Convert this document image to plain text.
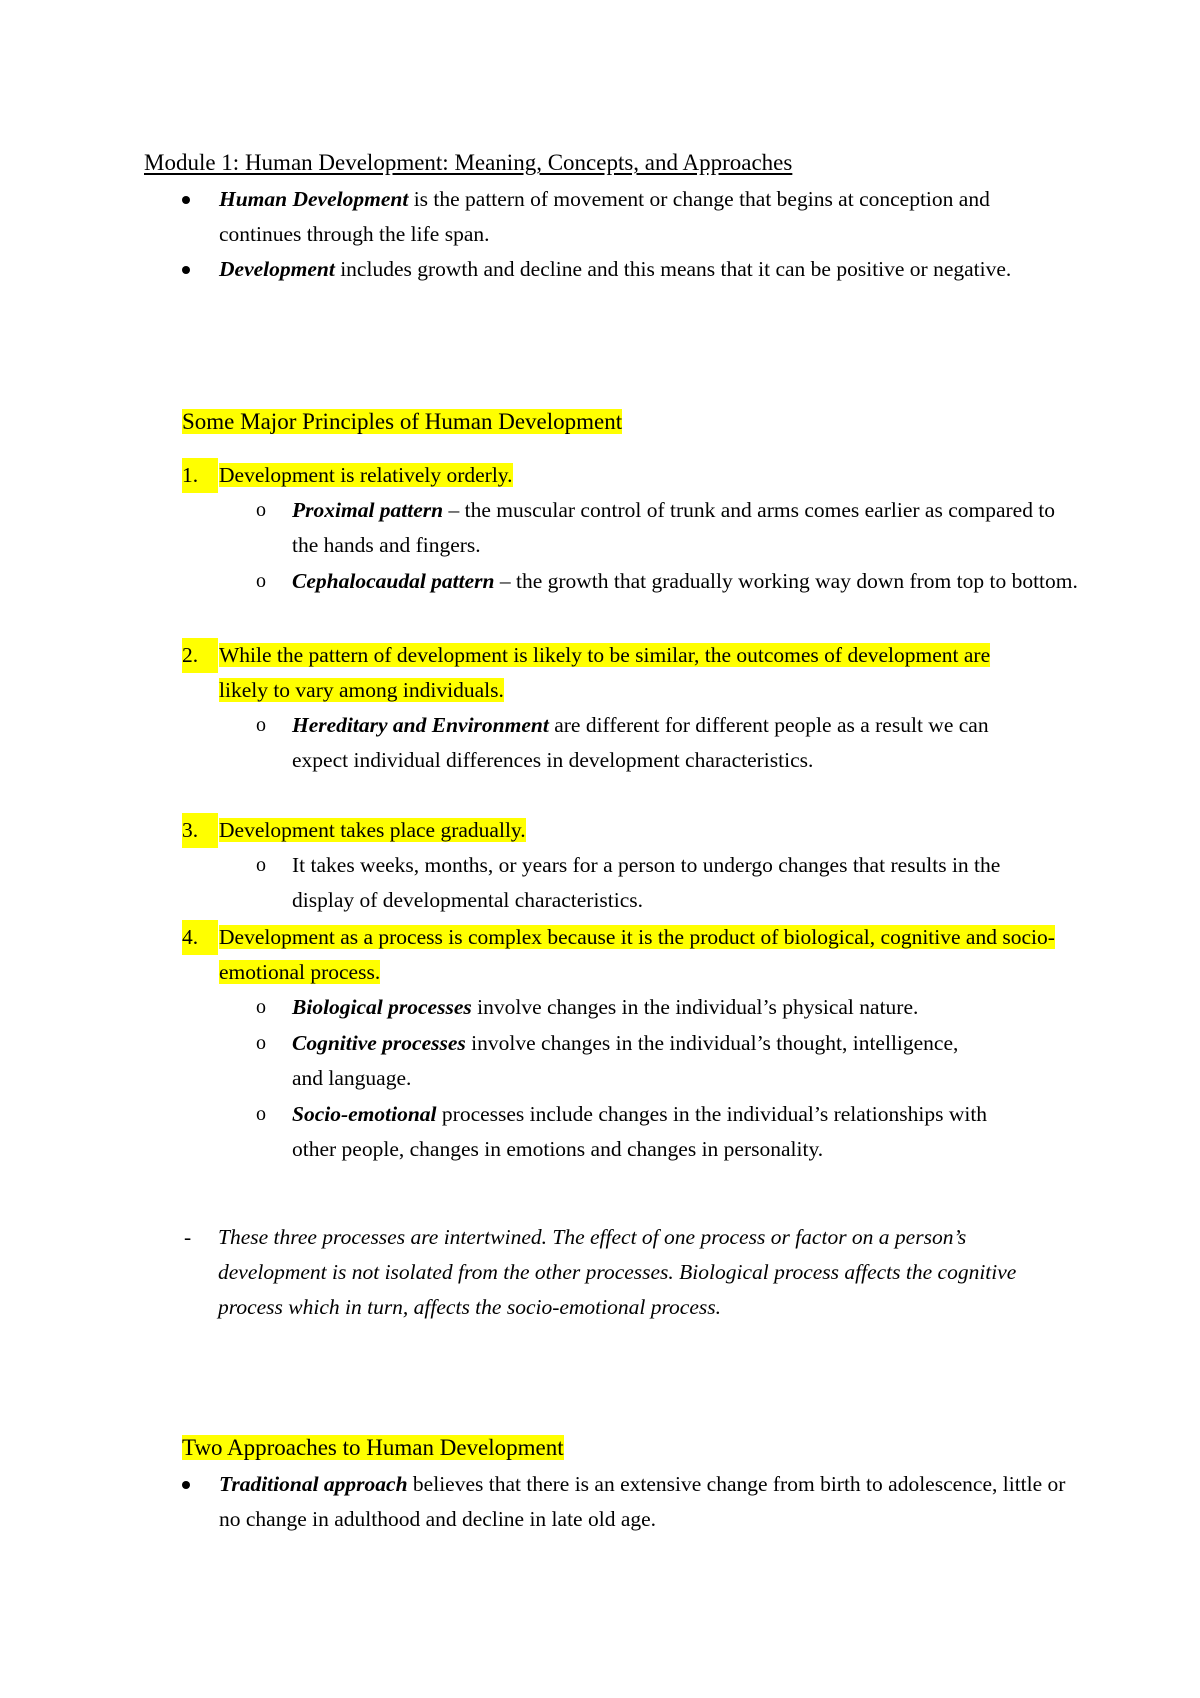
Module 1: Human Development: Meaning, Concepts, and Approaches
Human Development is the pattern of movement or change that begins at conception and continues through the life span.
Development includes growth and decline and this means that it can be positive or negative.
Some Major Principles of Human Development
1. Development is relatively orderly.
o	Proximal pattern – the muscular control of trunk and arms comes earlier as compared to the hands and fingers.
o	Cephalocaudal pattern – the growth that gradually working way down from top to bottom.
2. While the pattern of development is likely to be similar, the outcomes of development are likely to vary among individuals.
o	Hereditary and Environment are different for different people as a result we can expect individual differences in development characteristics.
3. Development takes place gradually.
o	It takes weeks, months, or years for a person to undergo changes that results in the display of developmental characteristics.
4. Development as a process is complex because it is the product of biological, cognitive and socio-emotional process.
o	Biological processes involve changes in the individual’s physical nature.
o	Cognitive processes involve changes in the individual’s thought, intelligence, and language.
o	Socio-emotional processes include changes in the individual’s relationships with other people, changes in emotions and changes in personality.
-	These three processes are intertwined. The effect of one process or factor on a person’s development is not isolated from the other processes. Biological process affects the cognitive process which in turn, affects the socio-emotional process.
Two Approaches to Human Development
Traditional approach believes that there is an extensive change from birth to adolescence, little or no change in adulthood and decline in late old age.
